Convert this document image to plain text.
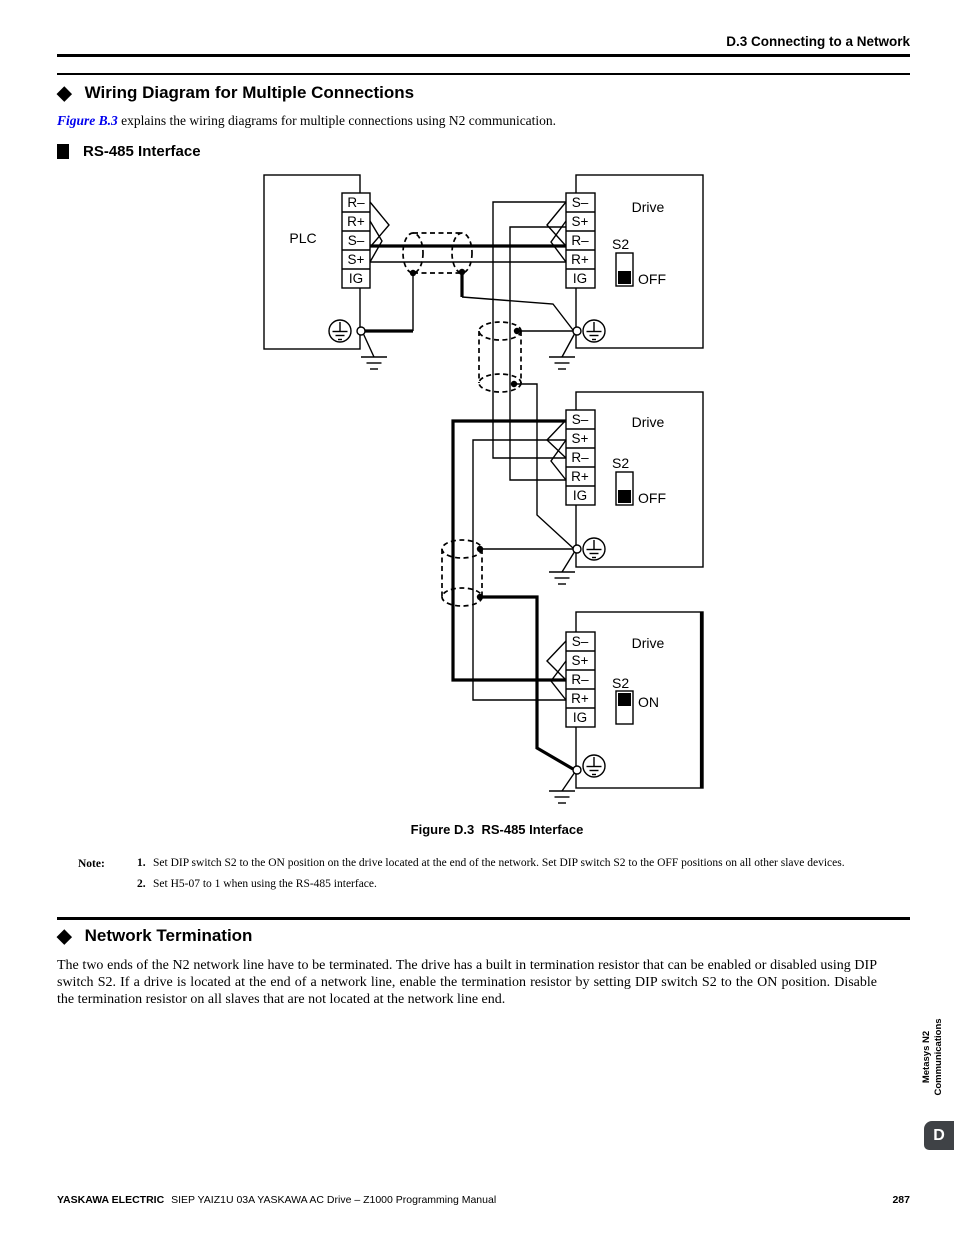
D.3 Connecting to a Network
◆ Wiring Diagram for Multiple Connections
Figure B.3 explains the wiring diagrams for multiple connections using N2 communication.
RS-485 Interface
PLC
Drive
Drive
Drive
R–
R+
S–
S+
IG
S–
S+
R–
R+
IG
S–
S+
R–
R+
IG
S–
S+
R–
R+
IG
S2
OFF
S2
OFF
S2
ON
Figure D.3  RS-485 Interface
Note:	1. Set DIP switch S2 to the ON position on the drive located at the end of the network. Set DIP switch S2 to the OFF positions on all other slave devices.
2. Set H5-07 to 1 when using the RS-485 interface.
◆ Network Termination
The two ends of the N2 network line have to be terminated. The drive has a built in termination resistor that can be enabled or disabled using DIP switch S2. If a drive is located at the end of a network line, enable the termination resistor by setting DIP switch S2 to the ON position. Disable the termination resistor on all slaves that are not located at the network line end.
Metasys N2 Communications
D
287
YASKAWA ELECTRIC SIEP YAIZ1U 03A YASKAWA AC Drive – Z1000 Programming Manual
